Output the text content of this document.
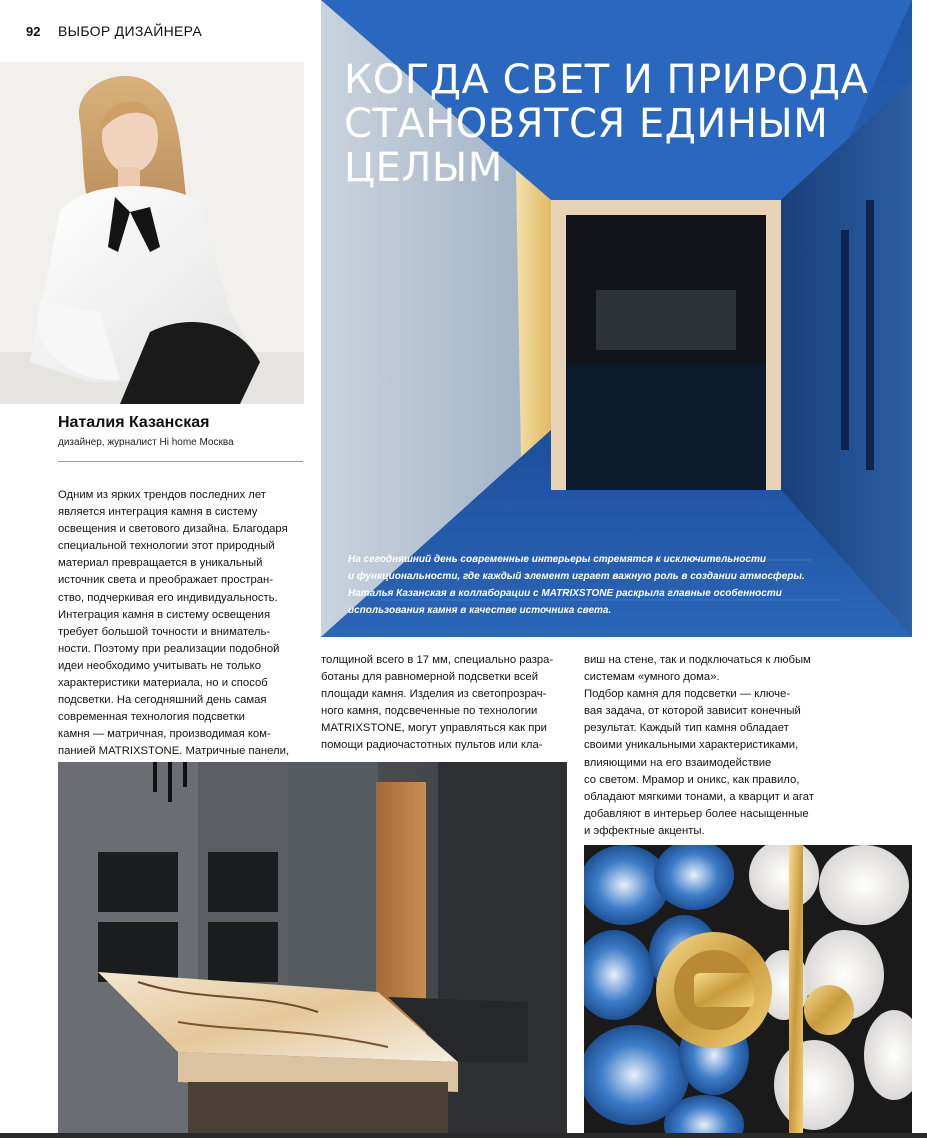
92 ВЫБОР ДИЗАЙНЕРА
Наталия Казанская
дизайнер, журналист Hi home Москва
КОГДА СВЕТ И ПРИРОДА
СТАНОВЯТСЯ ЕДИНЫМ
ЦЕЛЫМ
На сегодняшний день современные интерьеры стремятся к исключительности
и функциональности, где каждый элемент играет важную роль в создании атмосферы.
Наталья Казанская в коллаборации с MATRIXSTONE раскрыла главные особенности
использования камня в качестве источника света.

Одним из ярких трендов последних лет

является интеграция камня в систему

освещения и светового дизайна. Благодаря

специальной технологии этот природный

материал превращается в уникальный

источник света и преображает простран-

ство, подчеркивая его индивидуальность.

Интеграция камня в систему освещения

требует большой точности и вниматель-

ности. Поэтому при реализации подобной

идеи необходимо учитывать не только

характеристики материала, но и способ

подсветки. На сегодняшний день самая

современная технология подсветки

камня — матричная, производимая ком-

панией MATRIXSTONE. Матричные панели,

толщиной всего в 17 мм, специально разра-

ботаны для равномерной подсветки всей

площади камня. Изделия из светопрозрач-

ного камня, подсвеченные по технологии

MATRIXSTONE, могут управляться как при

помощи радиочастотных пультов или кла-

виш на стене, так и подключаться к любым

системам «умного дома».

Подбор камня для подсветки — ключе-

вая задача, от которой зависит конечный

результат. Каждый тип камня обладает

своими уникальными характеристиками,

влияющими на его взаимодействие

со светом. Мрамор и оникс, как правило,

обладают мягкими тонами, а кварцит и агат

добавляют в интерьер более насыщенные

и эффектные акценты.
